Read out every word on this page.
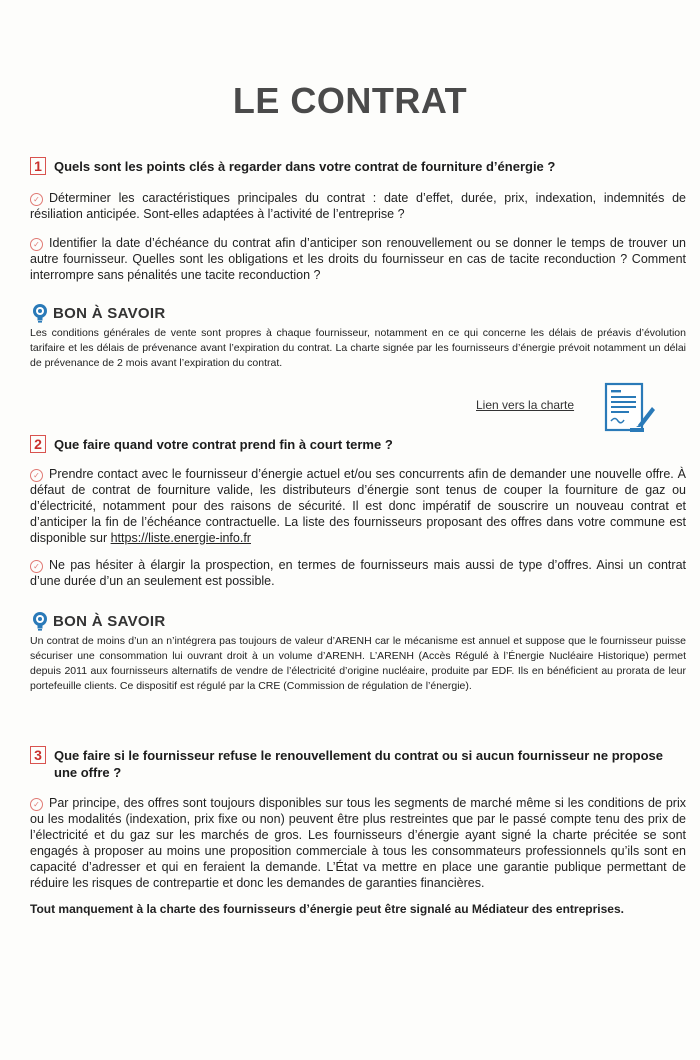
LE CONTRAT
1 Quels sont les points clés à regarder dans votre contrat de fourniture d’énergie ?
✓ Déterminer les caractéristiques principales du contrat : date d’effet, durée, prix, indexation, indemnités de résiliation anticipée. Sont-elles adaptées à l’activité de l’entreprise ?
✓ Identifier la date d’échéance du contrat afin d’anticiper son renouvellement ou se donner le temps de trouver un autre fournisseur. Quelles sont les obligations et les droits du fournisseur en cas de tacite reconduction ? Comment interrompre sans pénalités une tacite reconduction ?
BON À SAVOIR
Les conditions générales de vente sont propres à chaque fournisseur, notamment en ce qui concerne les délais de préavis d’évolution tarifaire et les délais de prévenance avant l’expiration du contrat. La charte signée par les fournisseurs d’énergie prévoit notamment un délai de prévenance de 2 mois avant l’expiration du contrat.
Lien vers la charte
2 Que faire quand votre contrat prend fin à court terme ?
✓ Prendre contact avec le fournisseur d’énergie actuel et/ou ses concurrents afin de demander une nouvelle offre. À défaut de contrat de fourniture valide, les distributeurs d’énergie sont tenus de couper la fourniture de gaz ou d’électricité, notamment pour des raisons de sécurité. Il est donc impératif de souscrire un nouveau contrat et d’anticiper la fin de l’échéance contractuelle. La liste des fournisseurs proposant des offres dans votre commune est disponible sur https://liste.energie-info.fr
✓ Ne pas hésiter à élargir la prospection, en termes de fournisseurs mais aussi de type d’offres. Ainsi un contrat d’une durée d’un an seulement est possible.
BON À SAVOIR
Un contrat de moins d’un an n’intégrera pas toujours de valeur d’ARENH car le mécanisme est annuel et suppose que le fournisseur puisse sécuriser une consommation lui ouvrant droit à un volume d’ARENH. L’ARENH (Accès Régulé à l’Énergie Nucléaire Historique) permet depuis 2011 aux fournisseurs alternatifs de vendre de l’électricité d’origine nucléaire, produite par EDF. Ils en bénéficient au prorata de leur portefeuille clients. Ce dispositif est régulé par la CRE (Commission de régulation de l’énergie).
3 Que faire si le fournisseur refuse le renouvellement du contrat ou si aucun fournisseur ne propose une offre ?
✓ Par principe, des offres sont toujours disponibles sur tous les segments de marché même si les conditions de prix ou les modalités (indexation, prix fixe ou non) peuvent être plus restreintes que par le passé compte tenu des prix de l’électricité et du gaz sur les marchés de gros. Les fournisseurs d’énergie ayant signé la charte précitée se sont engagés à proposer au moins une proposition commerciale à tous les consommateurs professionnels qu’ils sont en capacité d’adresser et qui en feraient la demande. L’État va mettre en place une garantie publique permettant de réduire les risques de contrepartie et donc les demandes de garanties financières.
Tout manquement à la charte des fournisseurs d’énergie peut être signalé au Médiateur des entreprises.
